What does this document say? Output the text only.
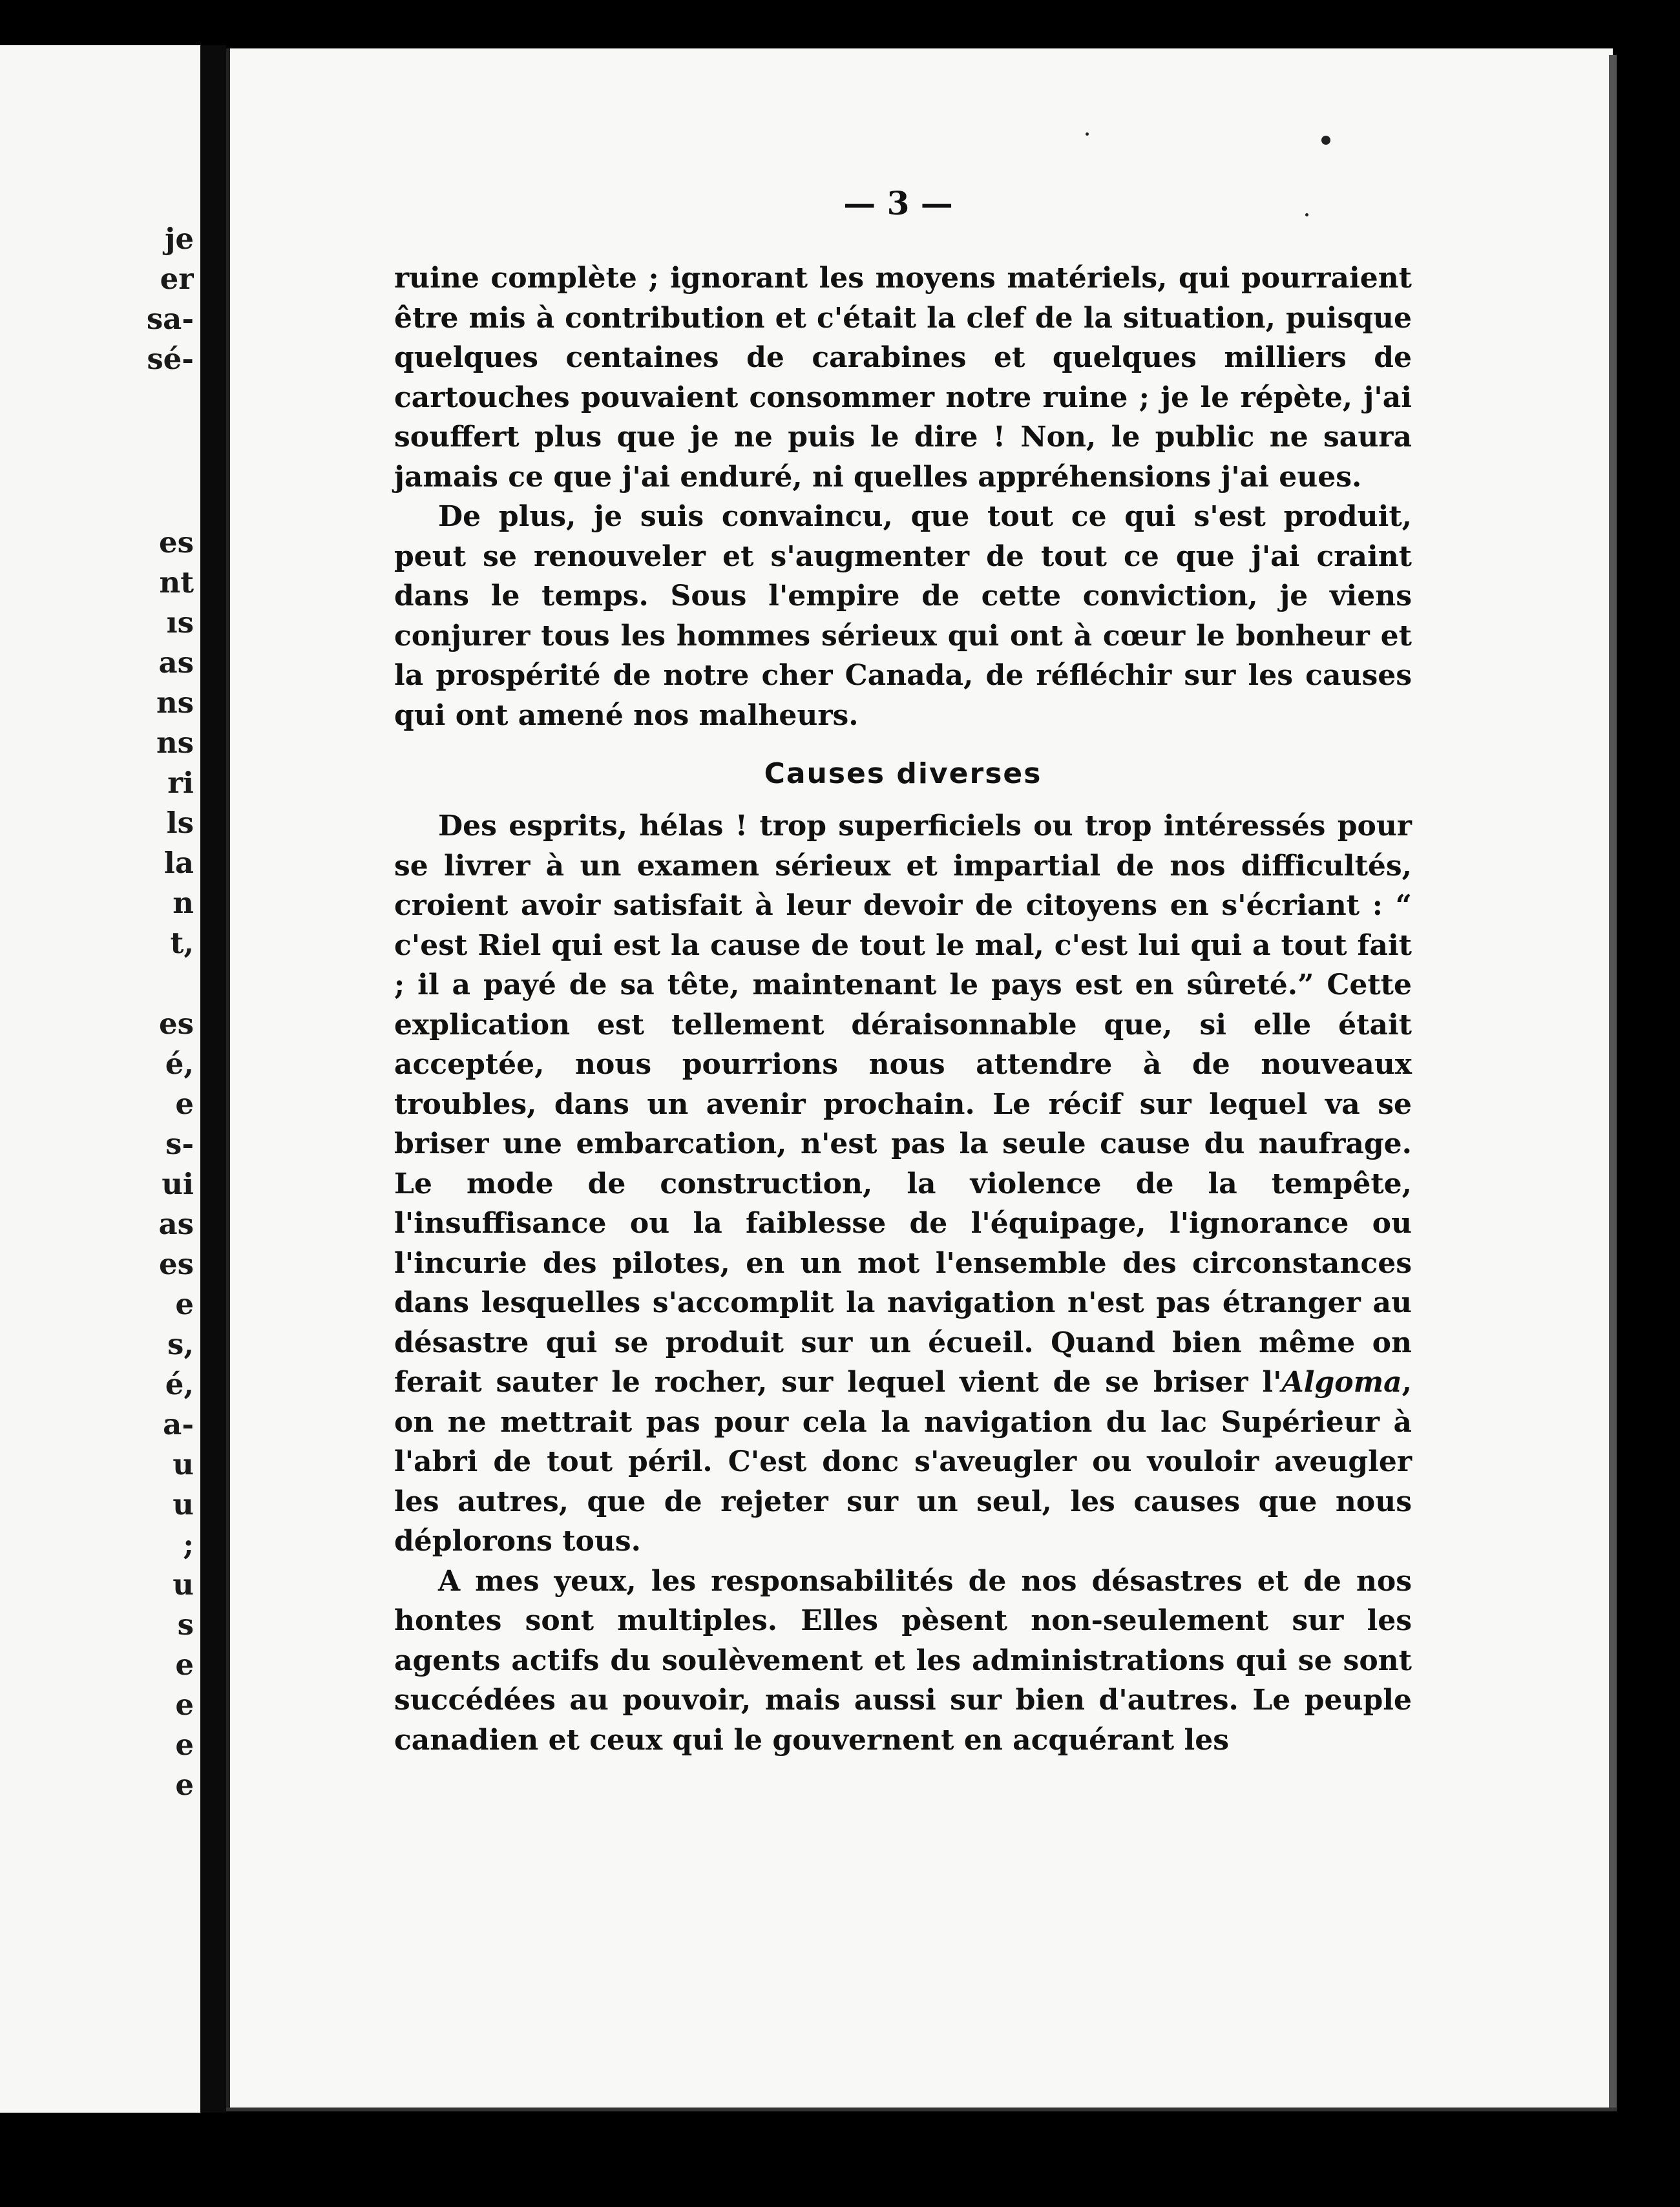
je
er
sa-
sé-
es
nt
ıs
as
ns
ns
ri
ls
la
n
t,
es
é,
e
s-
ui
as
es
e
s,
é,
a-
u
u
;
u
s
e
e
e
e
— 3 —

ruine complète ; ignorant les moyens matériels, qui pourraient être mis à contribution et c'était la clef de la situation, puisque quelques centaines de carabines et quelques milliers de cartouches pouvaient consommer notre ruine ; je le répète, j'ai souffert plus que je ne puis le dire ! Non, le public ne saura jamais ce que j'ai enduré, ni quelles appréhensions j'ai eues.

De plus, je suis convaincu, que tout ce qui s'est produit, peut se renouveler et s'augmenter de tout ce que j'ai craint dans le temps. Sous l'empire de cette conviction, je viens conjurer tous les hommes sérieux qui ont à cœur le bonheur et la prospérité de notre cher Canada, de réfléchir sur les causes qui ont amené nos malheurs.

Causes diverses

Des esprits, hélas ! trop superficiels ou trop intéressés pour se livrer à un examen sérieux et impartial de nos difficultés, croient avoir satisfait à leur devoir de citoyens en s'écriant : “ c'est Riel qui est la cause de tout le mal, c'est lui qui a tout fait ; il a payé de sa tête, maintenant le pays est en sûreté.” Cette explication est tellement déraisonnable que, si elle était acceptée, nous pourrions nous attendre à de nouveaux troubles, dans un avenir prochain. Le récif sur lequel va se briser une embarcation, n'est pas la seule cause du naufrage. Le mode de construction, la violence de la tempête, l'insuffisance ou la faiblesse de l'équipage, l'ignorance ou l'incurie des pilotes, en un mot l'ensemble des circonstances dans lesquelles s'accomplit la navigation n'est pas étranger au désastre qui se produit sur un écueil. Quand bien même on ferait sauter le rocher, sur lequel vient de se briser l'Algoma, on ne mettrait pas pour cela la navigation du lac Supérieur à l'abri de tout péril. C'est donc s'aveugler ou vouloir aveugler les autres, que de rejeter sur un seul, les causes que nous déplorons tous.

A mes yeux, les responsabilités de nos désastres et de nos hontes sont multiples. Elles pèsent non-seulement sur les agents actifs du soulèvement et les administrations qui se sont succédées au pouvoir, mais aussi sur bien d'autres. Le peuple canadien et ceux qui le gouvernent en acquérant les
